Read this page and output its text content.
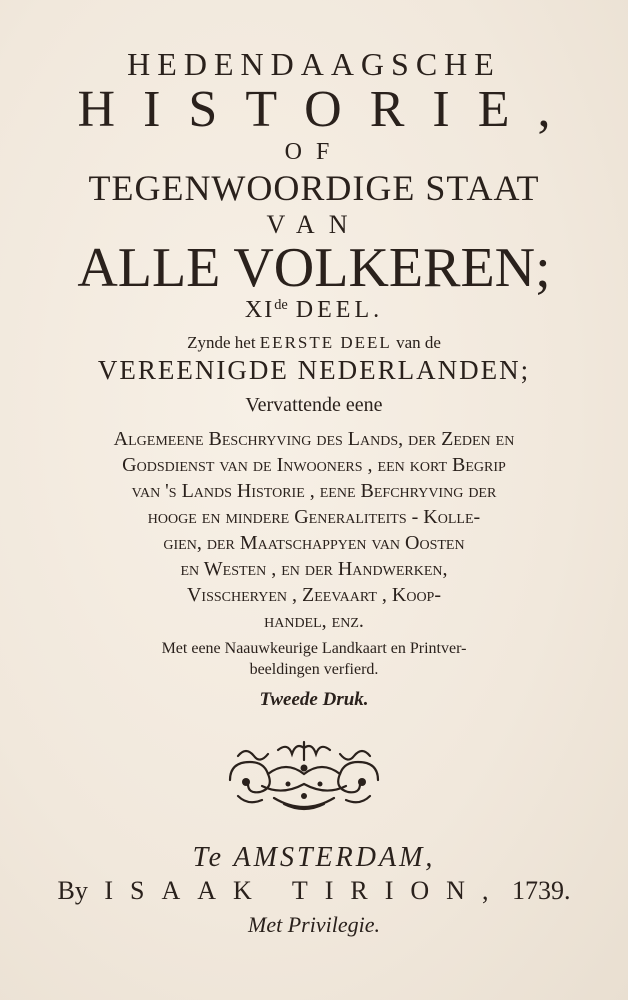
HEDENDAAGSCHE
HISTORIE,
OF
TEGENWOORDIGE STAAT
VAN
ALLE VOLKEREN;
XIde DEEL.
Zynde het EERSTE DEEL van de
VEREENIGDE NEDERLANDEN;
Vervattende eene
Algemeene Beschryving des Lands, der Zeden en
Godsdienst van de Inwooners , een kort Begrip
van 's Lands Historie , eene Befchryving der
hooge en mindere Generaliteits - Kolle-
gien, der Maatschappyen van Oosten
en Westen , en der Handwerken,
Visscheryen , Zeevaart , Koop-
handel, enz.
Met eene Naauwkeurige Landkaart en Printver-
beeldingen verfierd.
Tweede Druk.
Te AMSTERDAM,
By ISAAK TIRION, 1739.
Met Privilegie.
